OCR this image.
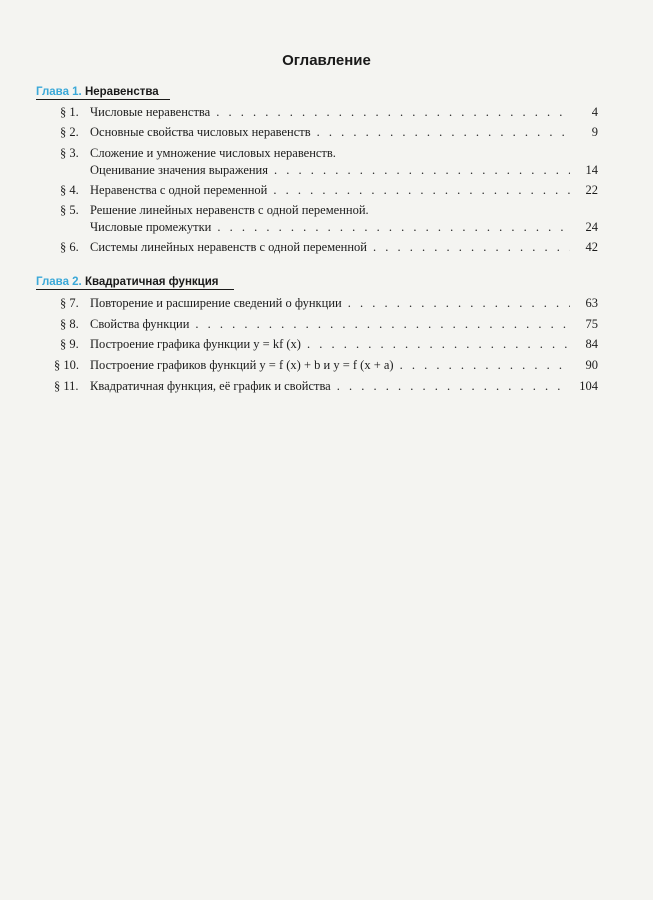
Оглавление
Глава 1. Неравенства
§ 1. Числовые неравенства . . .	4
§ 2. Основные свойства числовых неравенств . . .	9
§ 3. Сложение и умножение числовых неравенств.
Оценивание значения выражения . . .	14
§ 4. Неравенства с одной переменной . . .	22
§ 5. Решение линейных неравенств с одной переменной.
Числовые промежутки . . .	24
§ 6. Системы линейных неравенств с одной переменной . . .	42
Глава 2. Квадратичная функция
§ 7. Повторение и расширение сведений о функции . . .	63
§ 8. Свойства функции . . .	75
§ 9. Построение графика функции y = kf (x) . . .	84
§ 10. Построение графиков функций y = f (x) + b и y = f (x + a) . . .	90
§ 11. Квадратичная функция, её график и свойства . . .	104
